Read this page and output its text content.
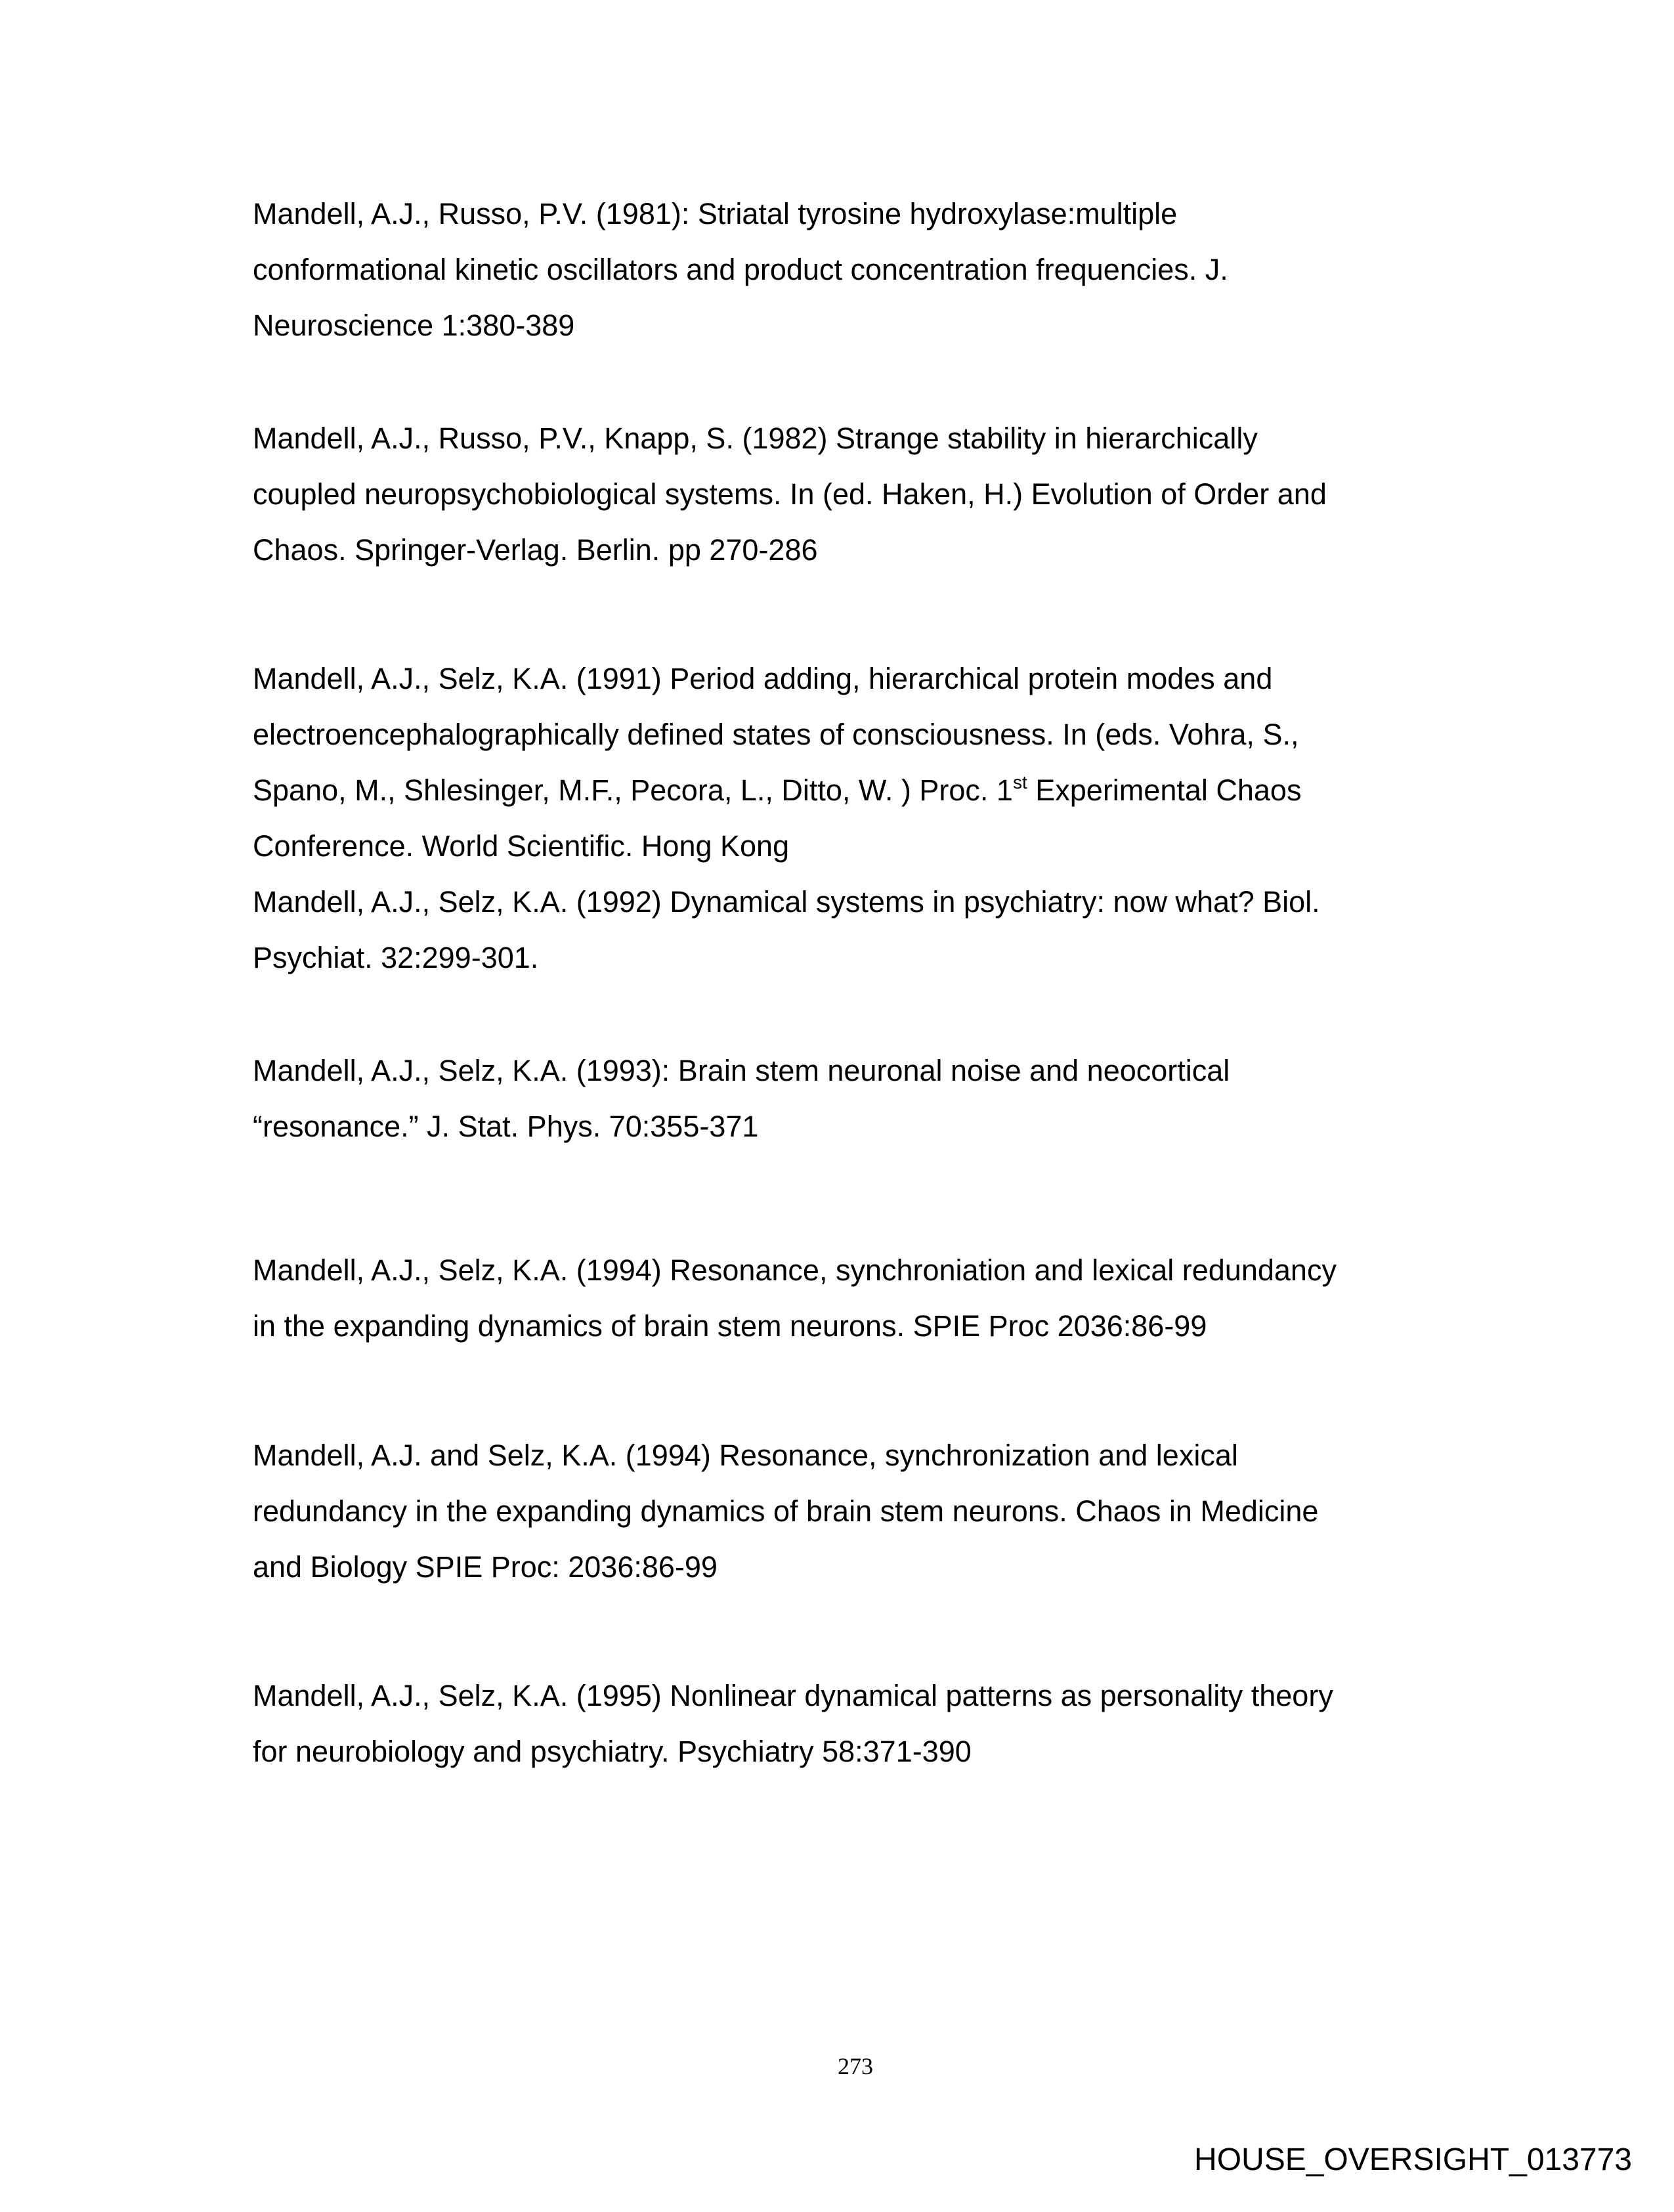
Mandell, A.J., Russo, P.V. (1981): Striatal tyrosine hydroxylase:multiple
conformational kinetic oscillators and product concentration frequencies. J.
Neuroscience 1:380-389
Mandell, A.J., Russo, P.V., Knapp, S. (1982) Strange stability in hierarchically
coupled neuropsychobiological systems. In (ed. Haken, H.) Evolution of Order and
Chaos. Springer-Verlag. Berlin. pp 270-286
Mandell, A.J., Selz, K.A. (1991) Period adding, hierarchical protein modes and
electroencephalographically defined states of consciousness. In (eds. Vohra, S.,
Spano, M., Shlesinger, M.F., Pecora, L., Ditto, W. ) Proc. 1st Experimental Chaos
Conference. World Scientific. Hong Kong
Mandell, A.J., Selz, K.A. (1992) Dynamical systems in psychiatry: now what? Biol.
Psychiat. 32:299-301.
Mandell, A.J., Selz, K.A. (1993): Brain stem neuronal noise and neocortical
“resonance.” J. Stat. Phys. 70:355-371
Mandell, A.J., Selz, K.A. (1994) Resonance, synchroniation and lexical redundancy
in the expanding dynamics of brain stem neurons. SPIE Proc 2036:86-99
Mandell, A.J. and Selz, K.A. (1994) Resonance, synchronization and lexical
redundancy in the expanding dynamics of brain stem neurons. Chaos in Medicine
and Biology SPIE Proc: 2036:86-99
Mandell, A.J., Selz, K.A. (1995) Nonlinear dynamical patterns as personality theory
for neurobiology and psychiatry. Psychiatry 58:371-390
273
HOUSE_OVERSIGHT_013773
